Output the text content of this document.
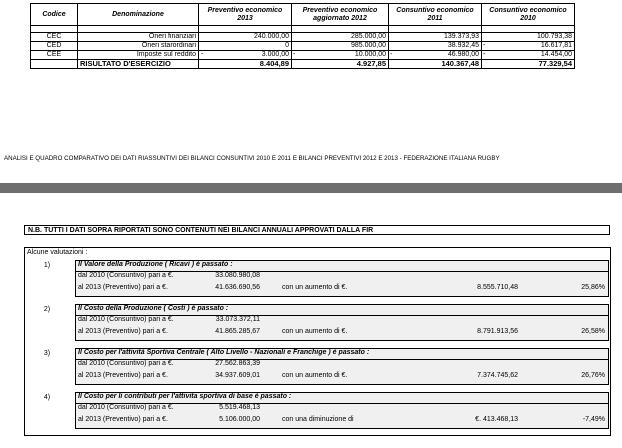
Codice	Denominazione	Preventivo economico 2013	Preventivo economico aggiornato 2012		Consuntivo economico 2011		Consuntivo economico 2010	

CEC	Oneri finanziari	240.000,00		285.000,00		139.373,93		100.793,38
CED	Oneri starordinari	0		985.000,00		38.932,45	-	16.617,81
CEE	Imposte sul reddito	- 3.000,00	-	10.000,00	-	46.980,00	-	14.454,00
	RISULTATO D'ESERCIZIO	8.404,89	4.927,85		140.367,48		77.329,54	
ANALISI E QUADRO COMPARATIVO DEI DATI RIASSUNTIVI DEI BILANCI CONSUNTIVI 2010 E 2011 E BILANCI PREVENTIVI 2012 E 2013 - FEDERAZIONE ITALIANA RUGBY
N.B. TUTTI I DATI SOPRA RIPORTATI SONO CONTENUTI NEI BILANCI ANNUALI APPROVATI DALLA FIR
Alcune valutazioni :
1)	Il Valore della Produzione ( Ricavi ) è passato :
dal 2010 (Consuntivo) pari a €.	33.080.980,08
al 2013 (Preventivo) pari a €.	41.636.690,56	con un aumento di €.	8.555.710,48	25,86%
2)	Il Costo della Produzione ( Costi ) è passato :
dal 2010 (Consuntivo) pari a €.	33.073.372,11
al 2013 (Preventivo) pari a €.	41.865.285,67	con un aumento di €.	8.791.913,56	26,58%
3)	Il Costo per l'attività Sportiva Centrale ( Alto Livello - Nazionali e Franchige ) è passato :
dal 2010 (Consuntivo) pari a €.	27.562.863,39
al 2013 (Preventivo) pari a €.	34.937.609,01	con un aumento di €.	7.374.745,62	26,76%
4)	Il Costo per li contributi per l'attivita sportiva di base è passato :
dal 2010 (Consuntivo) pari a €.	5.519.468,13
al 2013 (Preventivo) pari a €.	5.106.000,00	con una diminuzione di	€. 413.468,13	-7,49%
